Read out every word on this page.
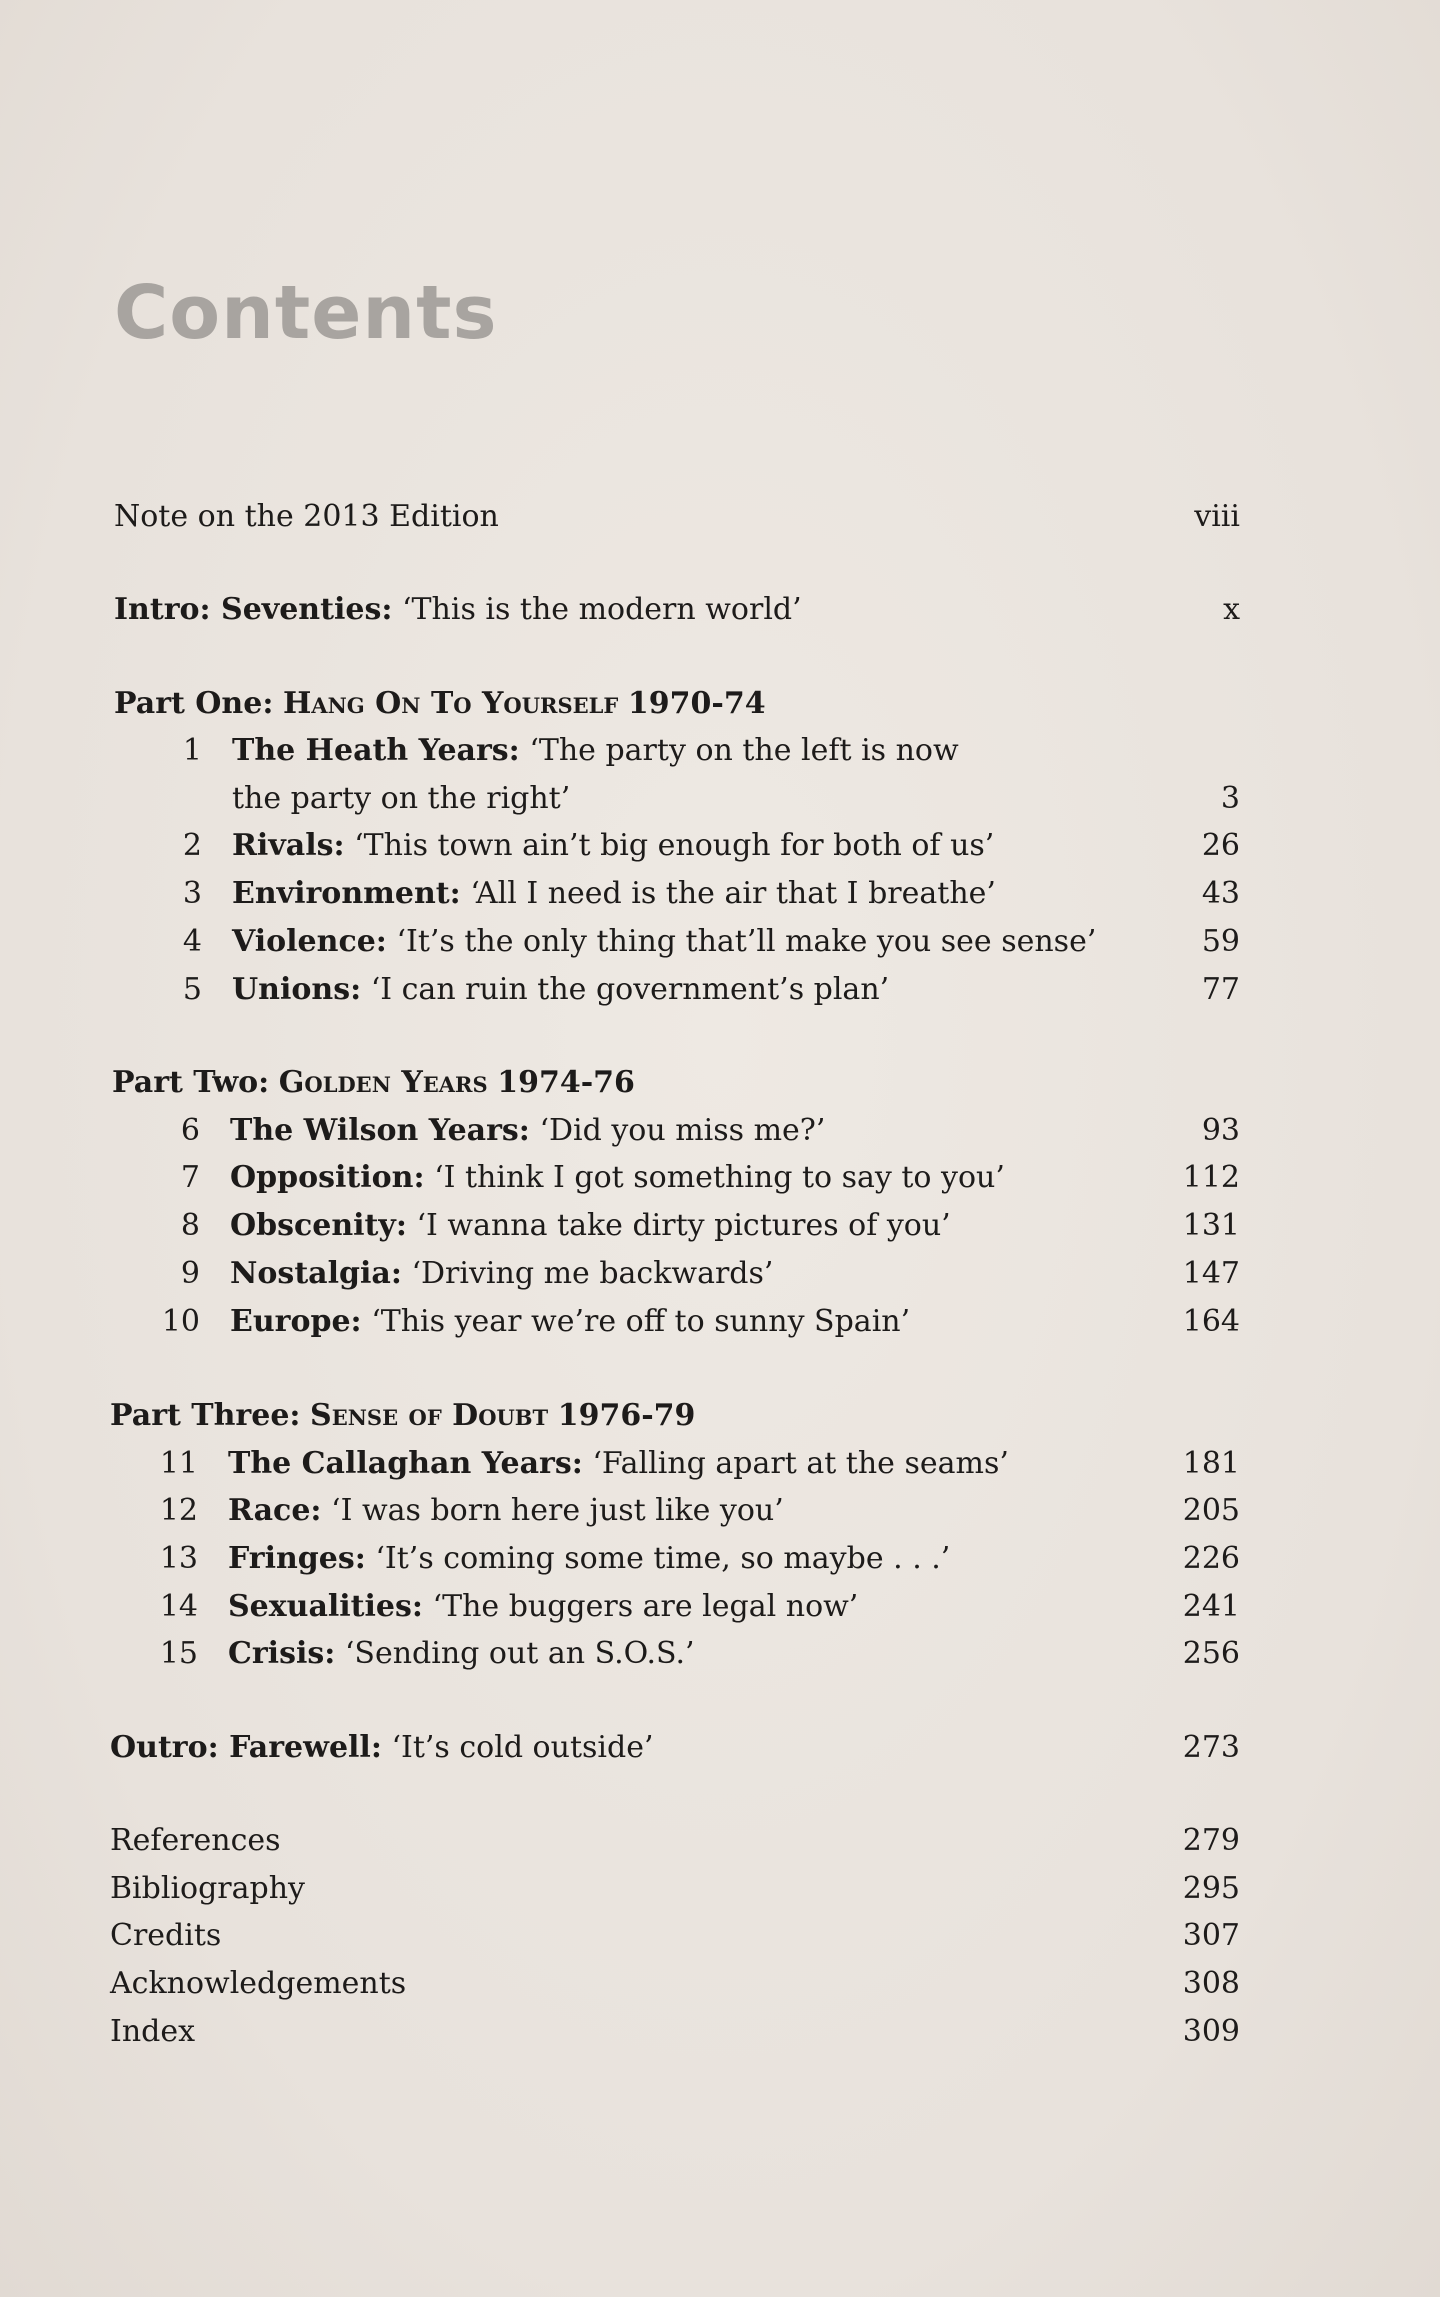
Contents
Note on the 2013 Edition	viii
Intro: Seventies: ‘This is the modern world’	x
Part One: Hang On To Yourself 1970-74
1 The Heath Years: ‘The party on the left is now
the party on the right’	3
2 Rivals: ‘This town ain’t big enough for both of us’	26
3 Environment: ‘All I need is the air that I breathe’	43
4 Violence: ‘It’s the only thing that’ll make you see sense’	59
5 Unions: ‘I can ruin the government’s plan’	77
Part Two: Golden Years 1974-76
6 The Wilson Years: ‘Did you miss me?’	93
7 Opposition: ‘I think I got something to say to you’	112
8 Obscenity: ‘I wanna take dirty pictures of you’	131
9 Nostalgia: ‘Driving me backwards’	147
10 Europe: ‘This year we’re off to sunny Spain’	164
Part Three: Sense of Doubt 1976-79
11 The Callaghan Years: ‘Falling apart at the seams’	181
12 Race: ‘I was born here just like you’	205
13 Fringes: ‘It’s coming some time, so maybe . . .’	226
14 Sexualities: ‘The buggers are legal now’	241
15 Crisis: ‘Sending out an S.O.S.’	256
Outro: Farewell: ‘It’s cold outside’	273
References	279
Bibliography	295
Credits	307
Acknowledgements	308
Index	309
